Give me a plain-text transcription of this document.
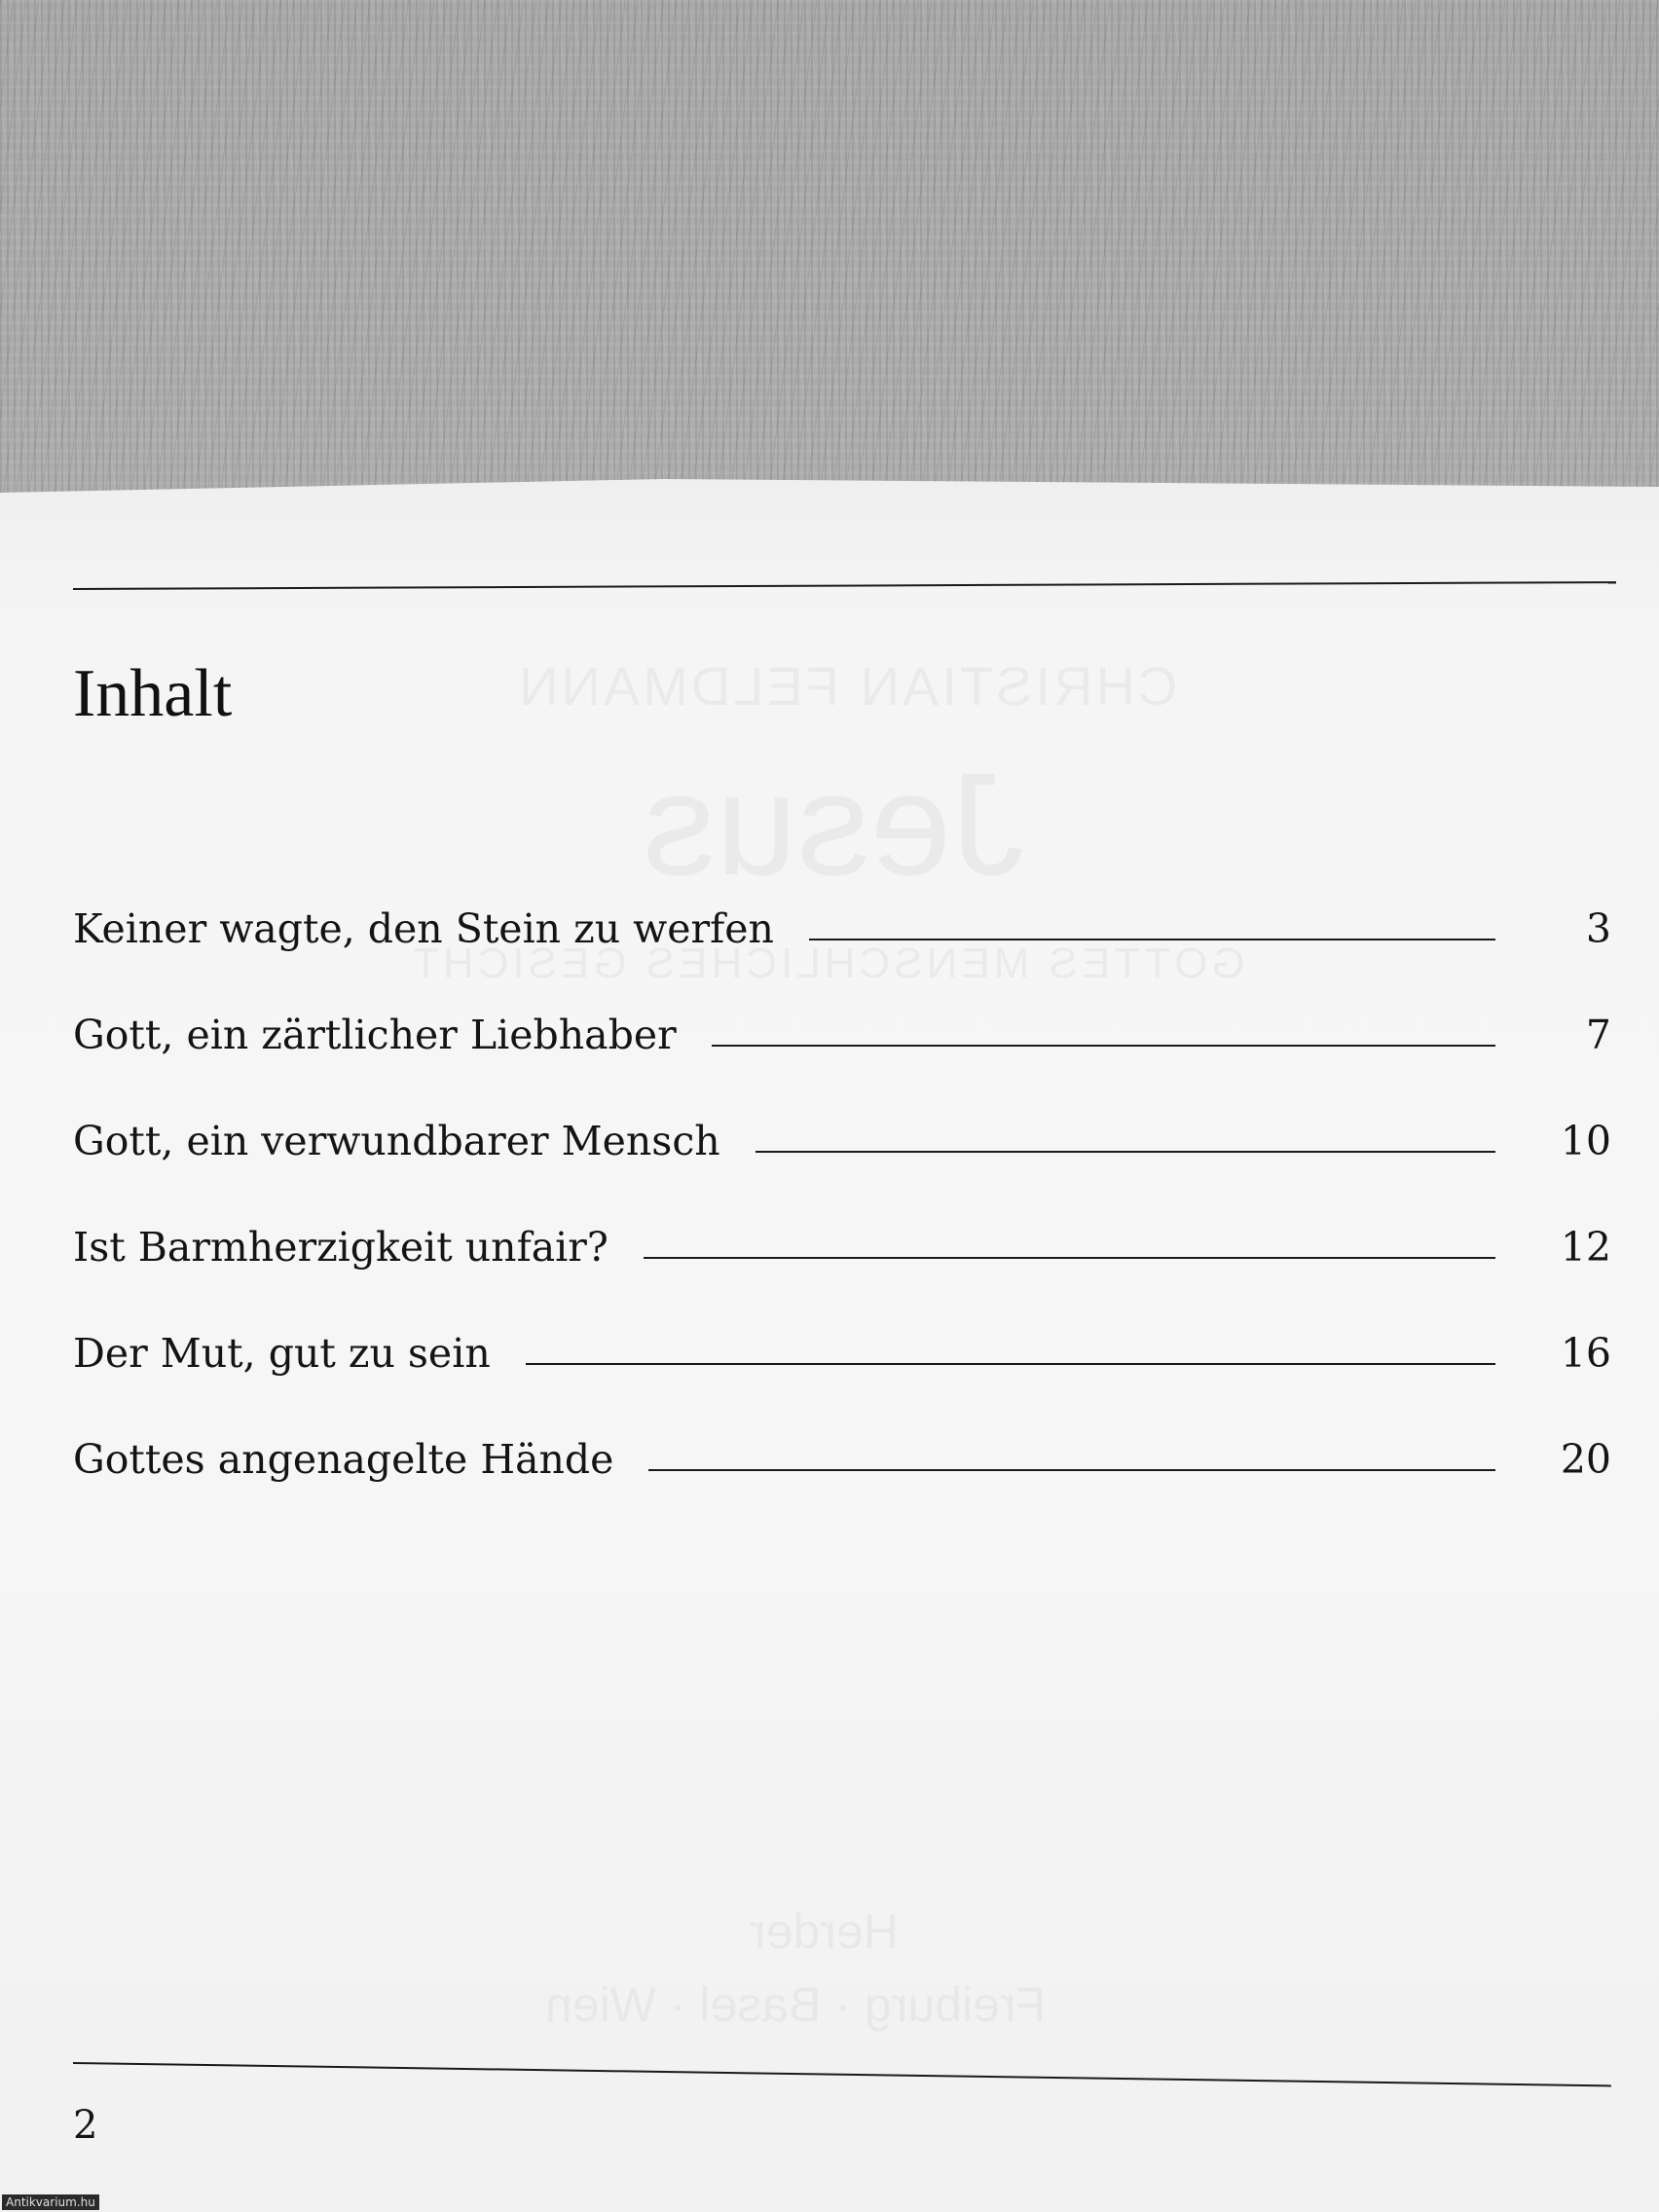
Inhalt
Keiner wagte, den Stein zu werfen	3
Gott, ein zärtlicher Liebhaber	7
Gott, ein verwundbarer Mensch	10
Ist Barmherzigkeit unfair?	12
Der Mut, gut zu sein	16
Gottes angenagelte Hände	20
2
Antikvarium.hu
